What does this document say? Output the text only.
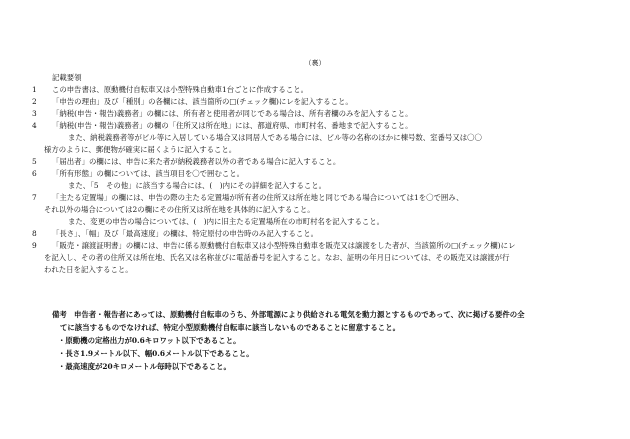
（裏）
記載要領
1	この申告書は、原動機付自転車又は小型特殊自動車1台ごとに作成すること。
2	「申告の理由」及び「種別」の各欄には、該当箇所の□(チェック欄)にレを記入すること。
3	「納税(申告・報告)義務者」の欄には、所有者と使用者が同じである場合は、所有者欄のみを記入すること。
4	「納税(申告・報告)義務者」の欄の「住所又は所在地」には、都道府県、市町村名、番地まで記入すること。
また、納税義務者等がビル等に入居している場合又は同居人である場合には、ビル等の名称のほかに棟号数、室番号又は〇〇
様方のように、郵便物が確実に届くように記入すること。
5	「届出者」の欄には、申告に来た者が納税義務者以外の者である場合に記入すること。
6	「所有形態」の欄については、該当項目を〇で囲むこと。
また、「5　その他」に該当する場合には、(　)内にその詳細を記入すること。
7	「主たる定置場」の欄には、申告の際の主たる定置場が所有者の住所又は所在地と同じである場合については1を〇で囲み、
それ以外の場合については2の欄にその住所又は所在地を具体的に記入すること。
また、変更の申告の場合については、(　)内に旧主たる定置場所在の市町村名を記入すること。
8	「長さ」、「幅」及び「最高速度」の欄は、特定原付の申告時のみ記入すること。
9	「販売・譲渡証明書」の欄には、申告に係る原動機付自転車又は小型特殊自動車を販売又は譲渡をした者が、当該箇所の□(チェック欄)にレ
を記入し、その者の住所又は所在地、氏名又は名称並びに電話番号を記入すること。なお、証明の年月日については、その販売又は譲渡が行
われた日を記入すること。
備考 申告者・報告者にあっては、原動機付自転車のうち、外部電源により供給される電気を動力源とするものであって、次に掲げる要件の全
てに該当するものでなければ、特定小型原動機付自転車に該当しないものであることに留意すること。
・原動機の定格出力が0.6キロワット以下であること。
・長さ1.9メートル以下、幅0.6メートル以下であること。
・最高速度が20キロメートル毎時以下であること。
